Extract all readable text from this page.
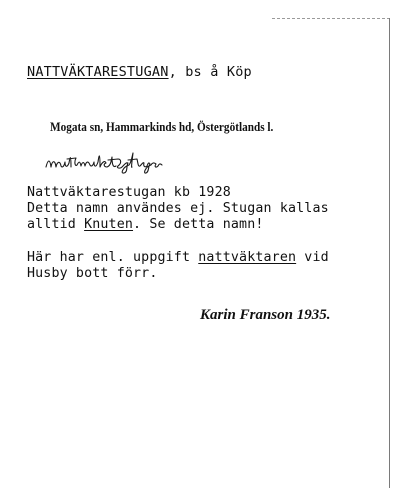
NATTVÄKTARESTUGAN, bs å Köp
Mogata sn, Hammarkinds hd, Östergötlands l.
Nattväktarestugan kb 1928
Detta namn användes ej. Stugan kallas
alltid Knuten. Se detta namn!
Här har enl. uppgift nattväktaren vid
Husby bott förr.
Karin Franson 1935.
